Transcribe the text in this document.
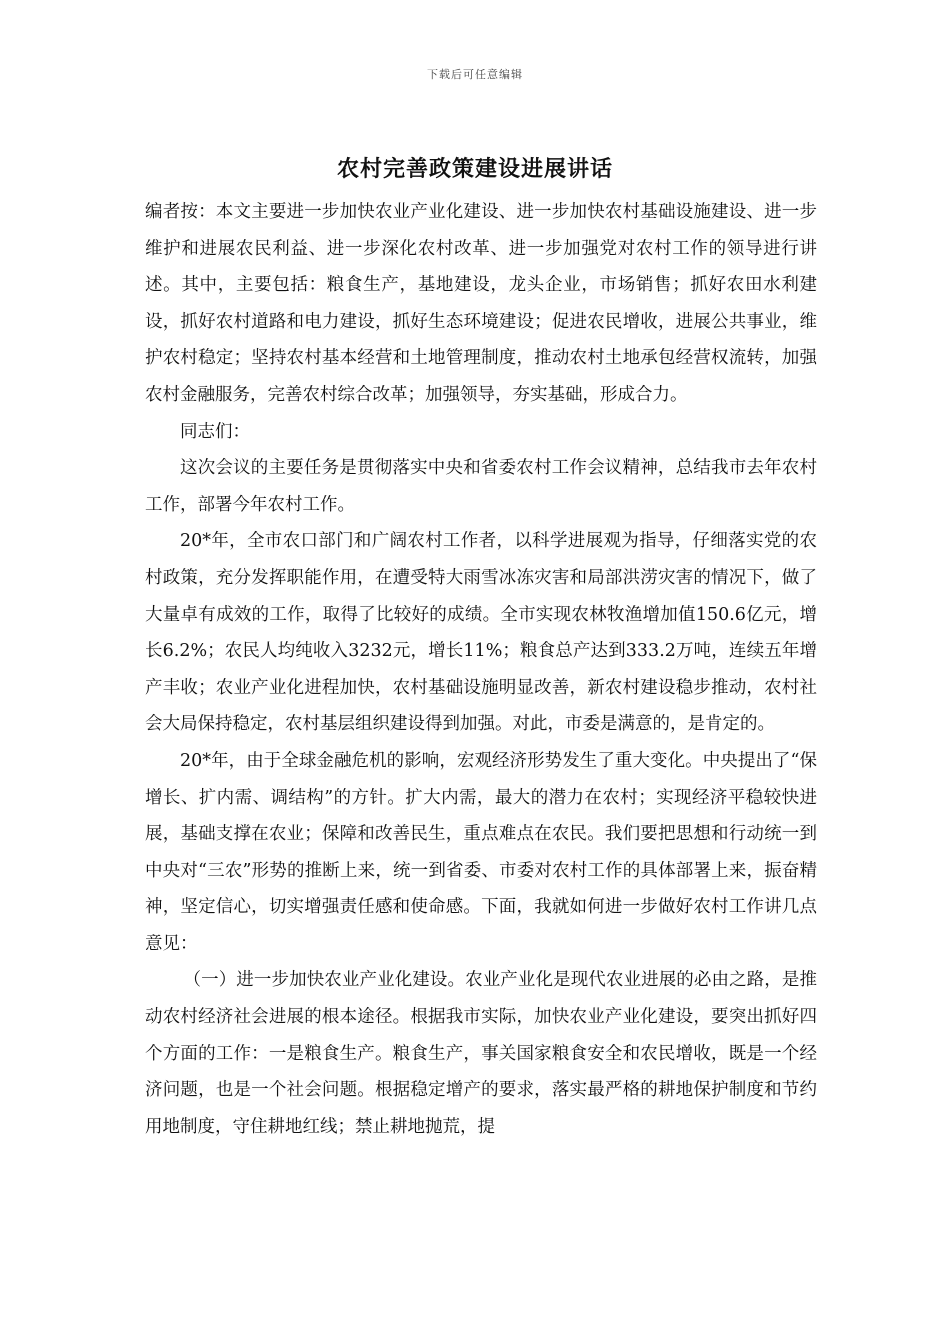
下载后可任意编辑
农村完善政策建设进展讲话

编者按：本文主要进一步加快农业产业化建设、进一步加快农村基础设施建设、进一步维护和进展农民利益、进一步深化农村改革、进一步加强党对农村工作的领导进行讲述。其中，主要包括：粮食生产，基地建设，龙头企业，市场销售；抓好农田水利建设，抓好农村道路和电力建设，抓好生态环境建设；促进农民增收，进展公共事业，维护农村稳定；坚持农村基本经营和土地管理制度，推动农村土地承包经营权流转，加强农村金融服务，完善农村综合改革；加强领导，夯实基础，形成合力。

同志们：

这次会议的主要任务是贯彻落实中央和省委农村工作会议精神，总结我市去年农村工作，部署今年农村工作。

20*年，全市农口部门和广阔农村工作者，以科学进展观为指导，仔细落实党的农村政策，充分发挥职能作用，在遭受特大雨雪冰冻灾害和局部洪涝灾害的情况下，做了大量卓有成效的工作，取得了比较好的成绩。全市实现农林牧渔增加值150.6亿元，增长6.2%；农民人均纯收入3232元，增长11%；粮食总产达到333.2万吨，连续五年增产丰收；农业产业化进程加快，农村基础设施明显改善，新农村建设稳步推动，农村社会大局保持稳定，农村基层组织建设得到加强。对此，市委是满意的，是肯定的。

20*年，由于全球金融危机的影响，宏观经济形势发生了重大变化。中央提出了“保增长、扩内需、调结构”的方针。扩大内需，最大的潜力在农村；实现经济平稳较快进展，基础支撑在农业；保障和改善民生，重点难点在农民。我们要把思想和行动统一到中央对“三农”形势的推断上来，统一到省委、市委对农村工作的具体部署上来，振奋精神，坚定信心，切实增强责任感和使命感。下面，我就如何进一步做好农村工作讲几点意见：

（一）进一步加快农业产业化建设。农业产业化是现代农业进展的必由之路，是推动农村经济社会进展的根本途径。根据我市实际，加快农业产业化建设，要突出抓好四个方面的工作：一是粮食生产。粮食生产，事关国家粮食安全和农民增收，既是一个经济问题，也是一个社会问题。根据稳定增产的要求，落实最严格的耕地保护制度和节约用地制度，守住耕地红线；禁止耕地抛荒，提
